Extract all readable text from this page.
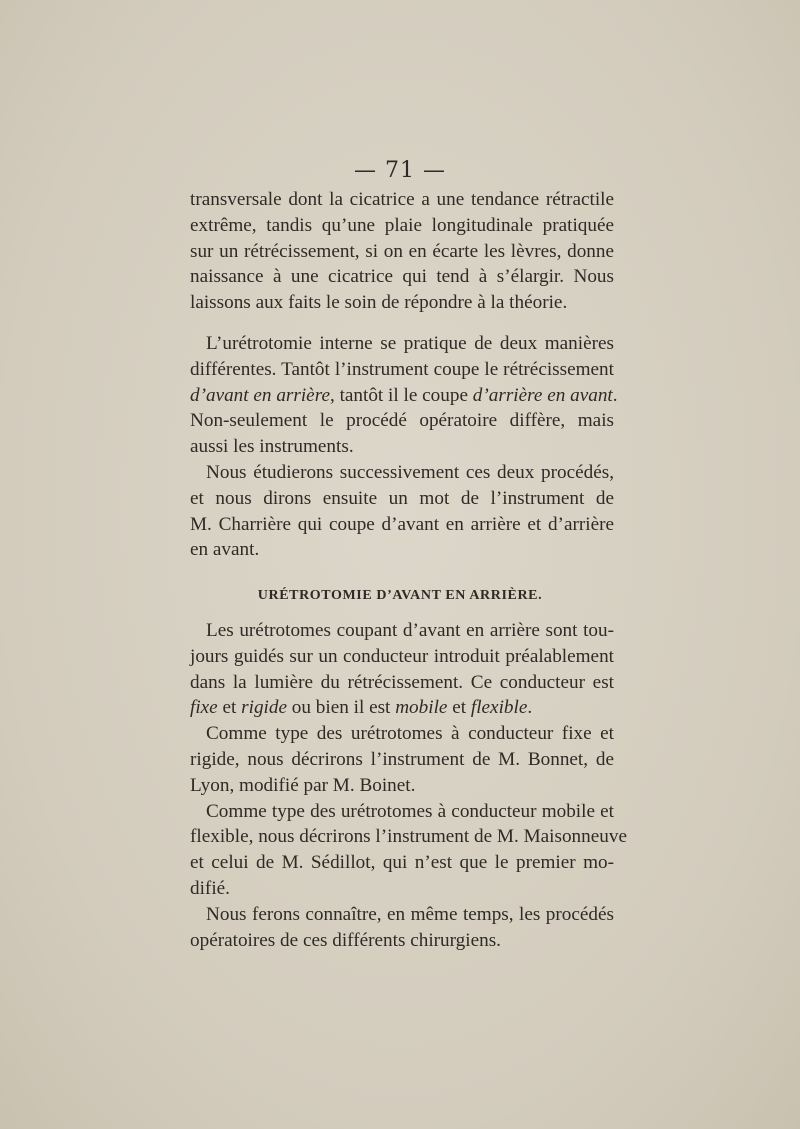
— 71 —
transversale dont la cicatrice a une tendance rétractile
extrême, tandis qu’une plaie longitudinale pratiquée
sur un rétrécissement, si on en écarte les lèvres, donne
naissance à une cicatrice qui tend à s’élargir. Nous
laissons aux faits le soin de répondre à la théorie.
L’urétrotomie interne se pratique de deux manières
différentes. Tantôt l’instrument coupe le rétrécissement
d’avant en arrière, tantôt il le coupe d’arrière en avant.
Non-seulement le procédé opératoire diffère, mais
aussi les instruments.
Nous étudierons successivement ces deux procédés,
et nous dirons ensuite un mot de l’instrument de
M. Charrière qui coupe d’avant en arrière et d’arrière
en avant.
URÉTROTOMIE D’AVANT EN ARRIÈRE.
Les urétrotomes coupant d’avant en arrière sont tou-
jours guidés sur un conducteur introduit préalablement
dans la lumière du rétrécissement. Ce conducteur est
fixe et rigide ou bien il est mobile et flexible.
Comme type des urétrotomes à conducteur fixe et
rigide, nous décrirons l’instrument de M. Bonnet, de
Lyon, modifié par M. Boinet.
Comme type des urétrotomes à conducteur mobile et
flexible, nous décrirons l’instrument de M. Maisonneuve
et celui de M. Sédillot, qui n’est que le premier mo-
difié.
Nous ferons connaître, en même temps, les procédés
opératoires de ces différents chirurgiens.
